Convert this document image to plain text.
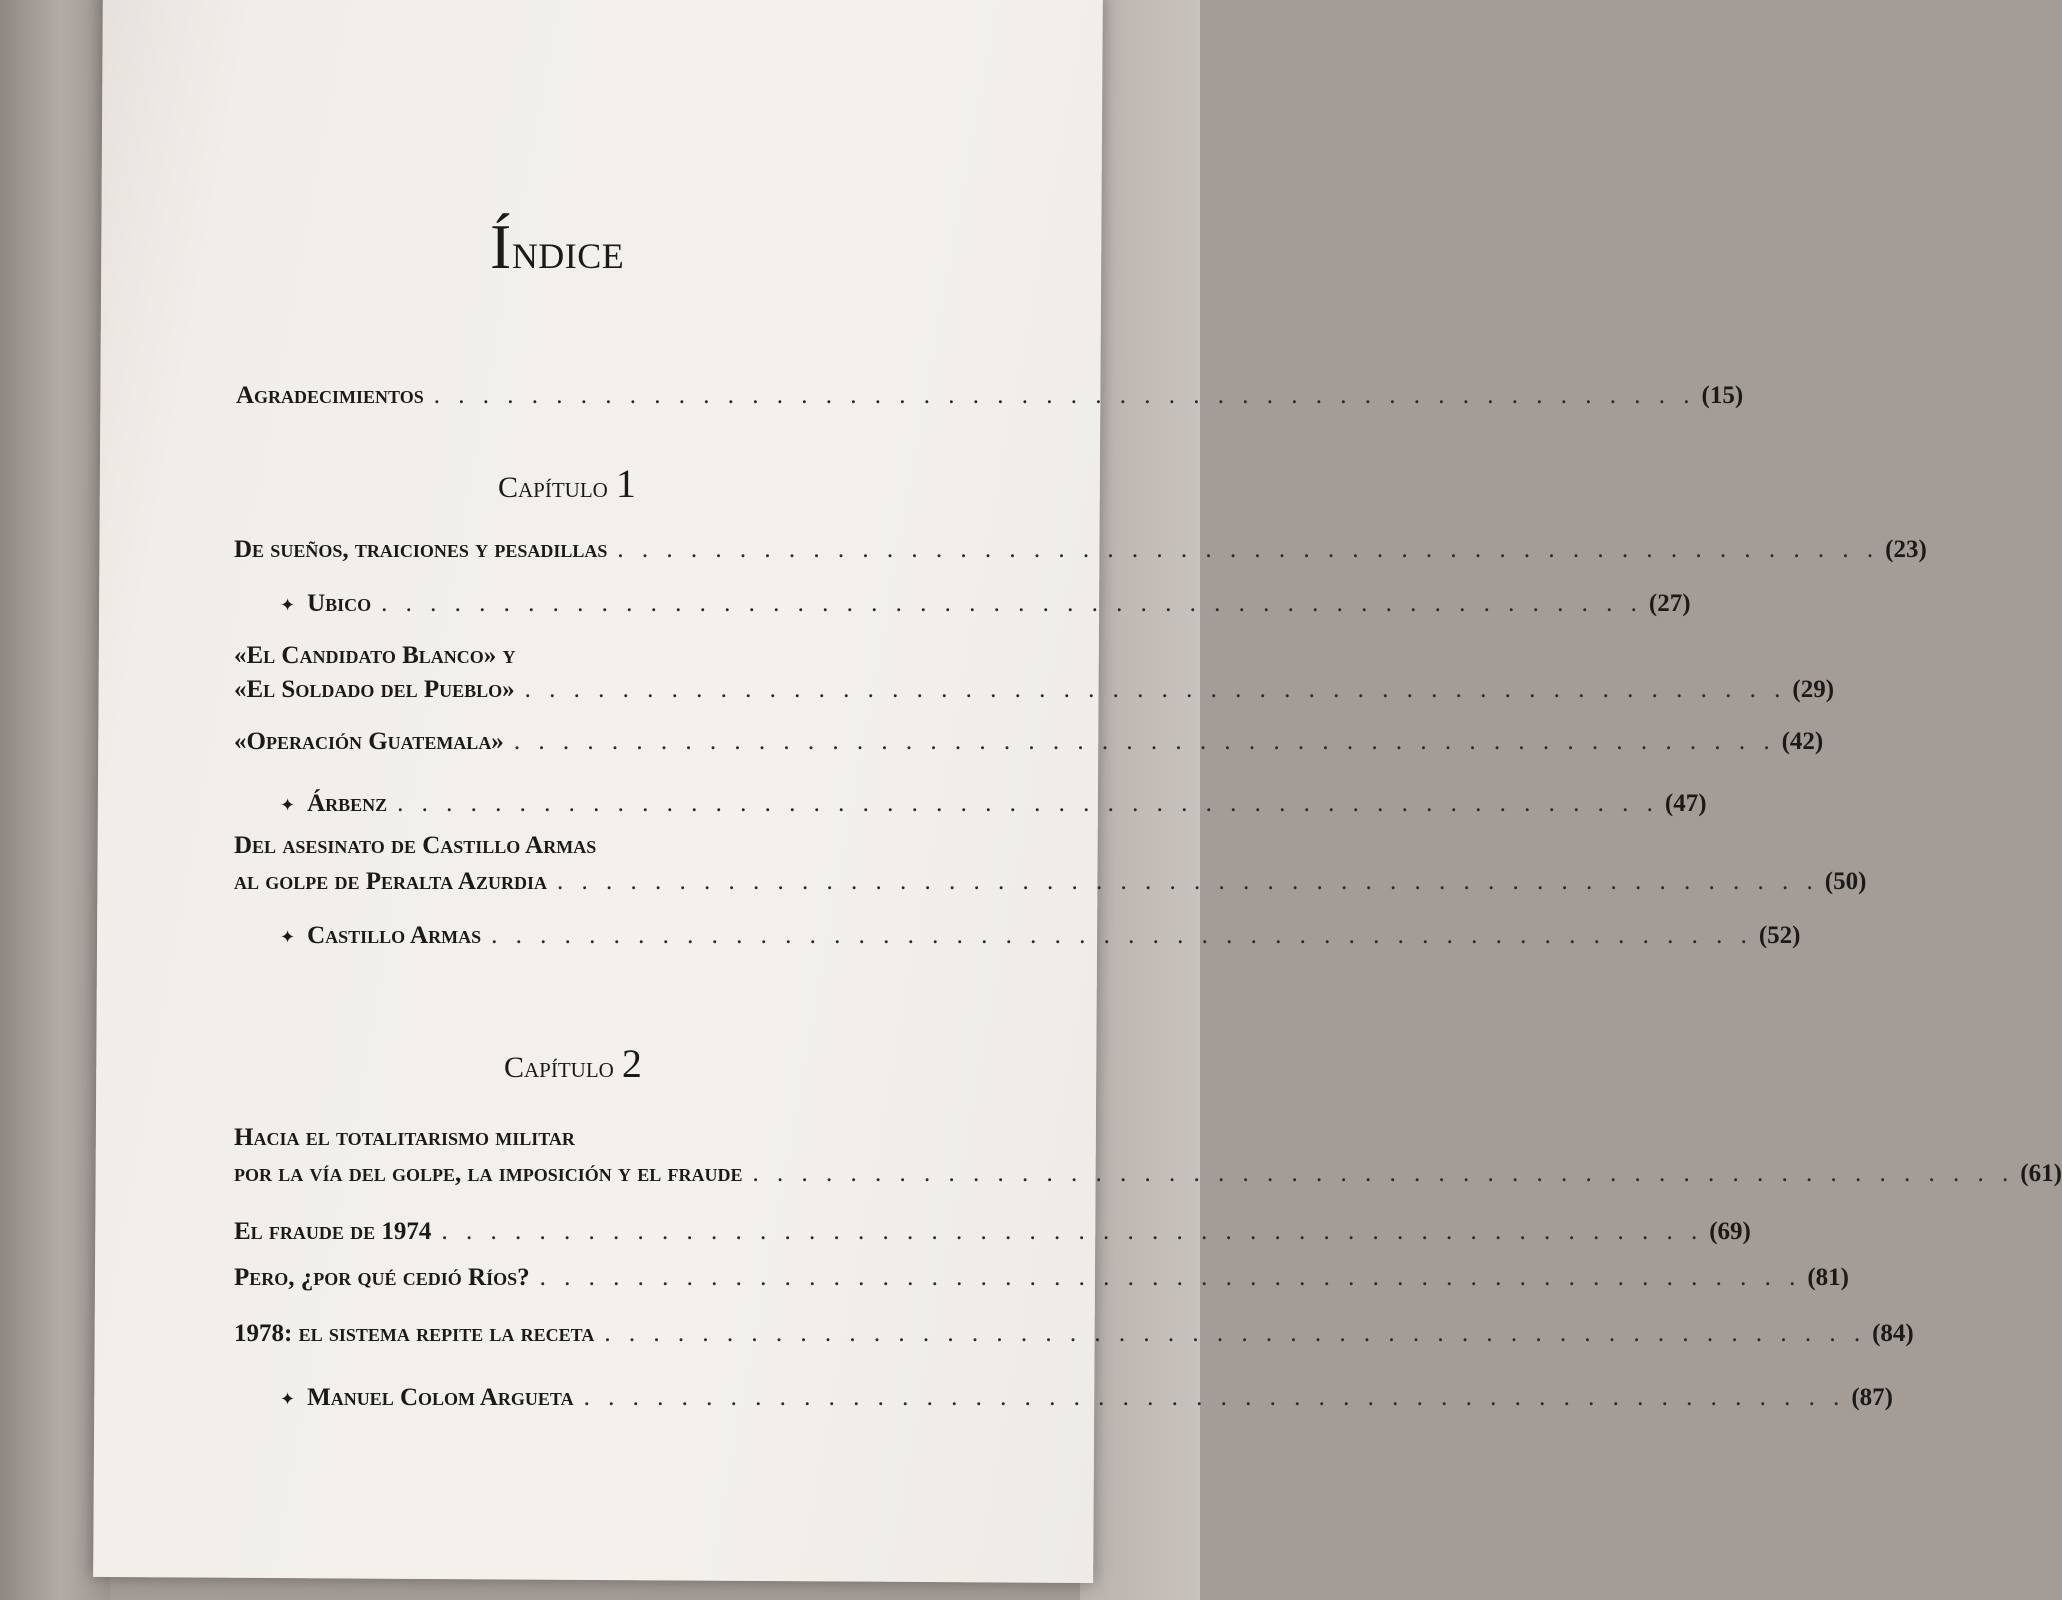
Índice
Agradecimientos . . . . . . . . . . . . . . . . . . . . . . . . . . . . . . . . . . . . . . . . . . . . . . . . . . . . (15)
Capítulo 1
De sueños, traiciones y pesadillas . . . . . . . . . . . . . . . . . . . . . . . . . . . . . . . . . . . . . . . . . . . . . . . . . . . . (23)
✦ Ubico . . . . . . . . . . . . . . . . . . . . . . . . . . . . . . . . . . . . . . . . . . . . . . . . . . . . (27)
«El Candidato Blanco» y
«El Soldado del Pueblo» . . . . . . . . . . . . . . . . . . . . . . . . . . . . . . . . . . . . . . . . . . . . . . . . . . . . (29)
«Operación Guatemala» . . . . . . . . . . . . . . . . . . . . . . . . . . . . . . . . . . . . . . . . . . . . . . . . . . . . (42)
✦ Árbenz . . . . . . . . . . . . . . . . . . . . . . . . . . . . . . . . . . . . . . . . . . . . . . . . . . . . (47)
Del asesinato de Castillo Armas
al golpe de Peralta Azurdia . . . . . . . . . . . . . . . . . . . . . . . . . . . . . . . . . . . . . . . . . . . . . . . . . . . . (50)
✦ Castillo Armas . . . . . . . . . . . . . . . . . . . . . . . . . . . . . . . . . . . . . . . . . . . . . . . . . . . . (52)
Capítulo 2
Hacia el totalitarismo militar
por la vía del golpe, la imposición y el fraude . . . . . . . . . . . . . . . . . . . . . . . . . . . . . . . . . . . . . . . . . . . . . . . . . . . . (61)
El fraude de 1974 . . . . . . . . . . . . . . . . . . . . . . . . . . . . . . . . . . . . . . . . . . . . . . . . . . . . (69)
Pero, ¿por qué cedió Ríos? . . . . . . . . . . . . . . . . . . . . . . . . . . . . . . . . . . . . . . . . . . . . . . . . . . . . (81)
1978: el sistema repite la receta . . . . . . . . . . . . . . . . . . . . . . . . . . . . . . . . . . . . . . . . . . . . . . . . . . . . (84)
✦ Manuel Colom Argueta . . . . . . . . . . . . . . . . . . . . . . . . . . . . . . . . . . . . . . . . . . . . . . . . . . . . (87)
